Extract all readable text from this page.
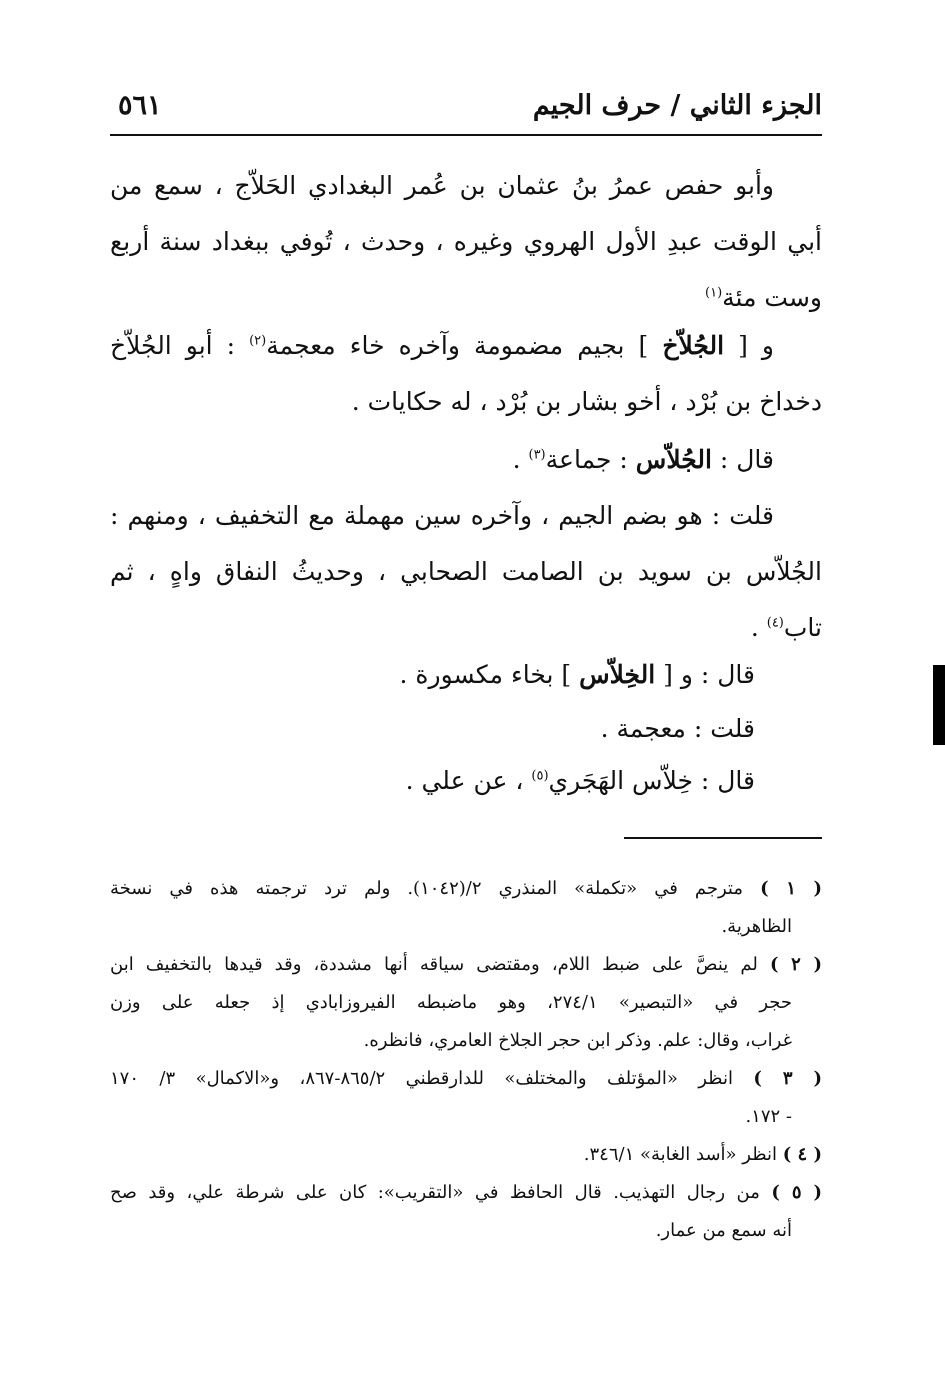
الجزء الثاني / حرف الجيم
٥٦١

وأبو حفص عمرُ بنُ عثمان بن عُمر البغدادي الحَلاّج ، سمع من
أبي الوقت عبدِ الأول الهروي وغيره ، وحدث ، تُوفي ببغداد سنة أربع
وست مئة$^{(١)}$

و [ الجُلاّخ ] بجيم مضمومة وآخره خاء معجمة$^{(٢)}$ : أبو الجُلاّخ
دخداخ بن بُرْد ، أخو بشار بن بُرْد ، له حكايات .

قال : الجُلاّس : جماعة$^{(٣)}$ .

قلت : هو بضم الجيم ، وآخره سين مهملة مع التخفيف ، ومنهم :
الجُلاّس بن سويد بن الصامت الصحابي ، وحديثُ النفاق واهٍ ، ثم
تاب$^{(٤)}$ .

قال : و [ الخِلاّس ] بخاء مكسورة .

قلت : معجمة .

قال : خِلاّس الهَجَري$^{(٥)}$ ، عن علي .

( ١ ) مترجم في «تكملة» المنذري ٢/(١٠٤٢). ولم ترد ترجمته هذه في نسخة
الظاهرية.
( ٢ ) لم ينصَّ على ضبط اللام، ومقتضى سياقه أنها مشددة، وقد قيدها بالتخفيف ابن
حجر في «التبصير» ٢٧٤/١، وهو ماضبطه الفيروزابادي إذ جعله على وزن
غراب، وقال: علم. وذكر ابن حجر الجلاخ العامري، فانظره.
( ٣ ) انظر «المؤتلف والمختلف» للدارقطني ٨٦٥/٢-٨٦٧، و«الاكمال» ٣/ ١٧٠
- ١٧٢.
( ٤ ) انظر «أسد الغابة» ٣٤٦/١.
( ٥ ) من رجال التهذيب. قال الحافظ في «التقريب»: كان على شرطة علي، وقد صح
أنه سمع من عمار.
